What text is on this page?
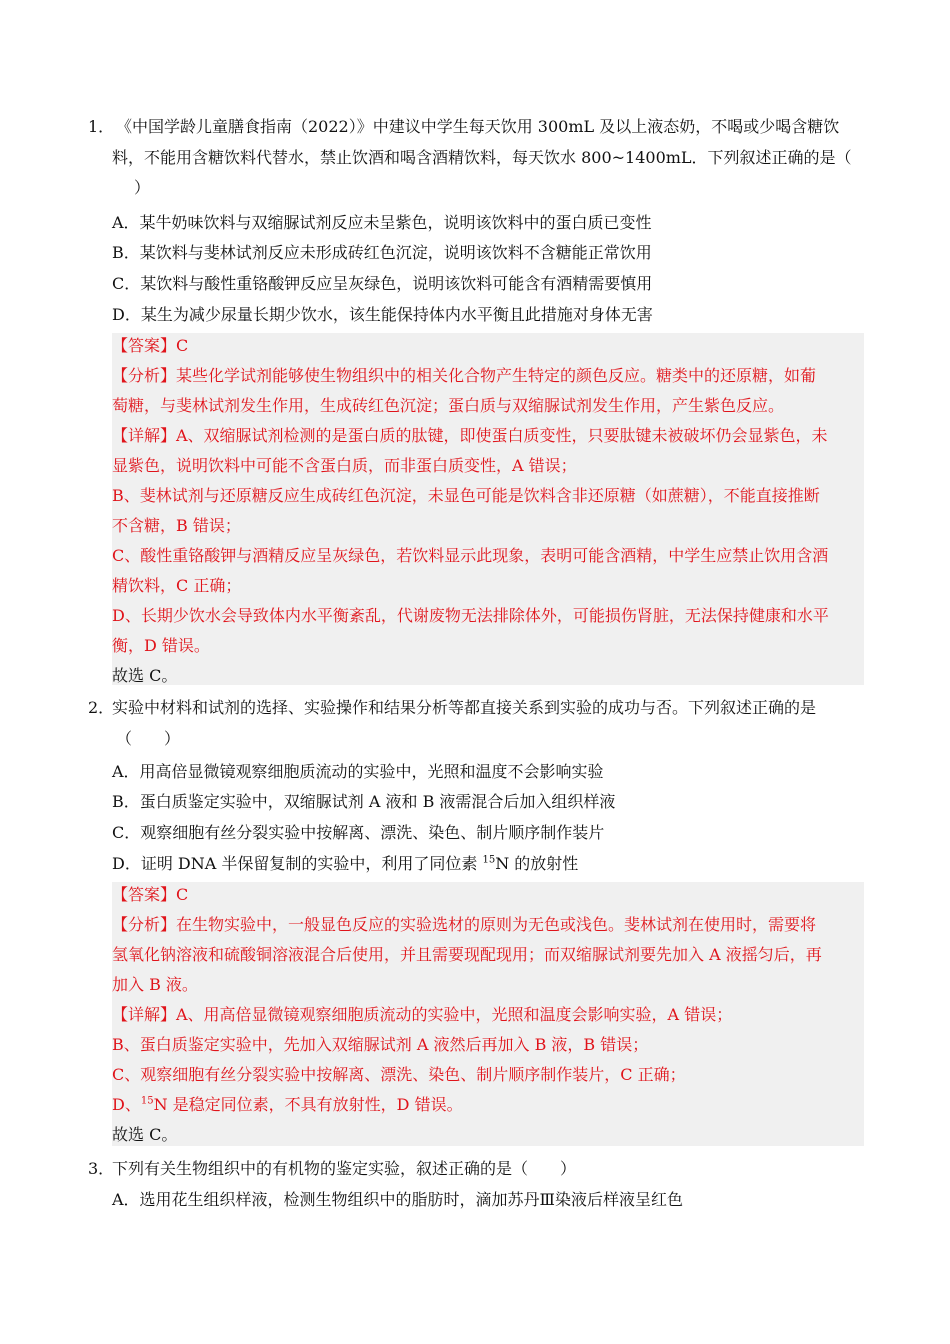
1． 《中国学龄儿童膳食指南（2022）》中建议中学生每天饮用 300mL 及以上液态奶，不喝或少喝含糖饮
料，不能用含糖饮料代替水，禁止饮酒和喝含酒精饮料，每天饮水 800~1400mL．下列叙述正确的是（
）
A．某牛奶味饮料与双缩脲试剂反应未呈紫色，说明该饮料中的蛋白质已变性
B．某饮料与斐林试剂反应未形成砖红色沉淀，说明该饮料不含糖能正常饮用
C．某饮料与酸性重铬酸钾反应呈灰绿色，说明该饮料可能含有酒精需要慎用
D．某生为减少尿量长期少饮水，该生能保持体内水平衡且此措施对身体无害
【答案】C
【分析】某些化学试剂能够使生物组织中的相关化合物产生特定的颜色反应。糖类中的还原糖，如葡
萄糖，与斐林试剂发生作用，生成砖红色沉淀；蛋白质与双缩脲试剂发生作用，产生紫色反应。
【详解】A、双缩脲试剂检测的是蛋白质的肽键，即使蛋白质变性，只要肽键未被破坏仍会显紫色，未
显紫色，说明饮料中可能不含蛋白质，而非蛋白质变性，A 错误；
B、斐林试剂与还原糖反应生成砖红色沉淀，未显色可能是饮料含非还原糖（如蔗糖），不能直接推断
不含糖，B 错误；
C、酸性重铬酸钾与酒精反应呈灰绿色，若饮料显示此现象，表明可能含酒精，中学生应禁止饮用含酒
精饮料，C 正确；
D、长期少饮水会导致体内水平衡紊乱，代谢废物无法排除体外，可能损伤肾脏，无法保持健康和水平
衡，D 错误。
故选 C。
2．
实验中材料和试剂的选择、实验操作和结果分析等都直接关系到实验的成功与否。下列叙述正确的是
（　　）
A．用高倍显微镜观察细胞质流动的实验中，光照和温度不会影响实验
B．蛋白质鉴定实验中，双缩脲试剂 A 液和 B 液需混合后加入组织样液
C．观察细胞有丝分裂实验中按解离、漂洗、染色、制片顺序制作装片
D．证明 DNA 半保留复制的实验中，利用了同位素 $^{15}$N 的放射性
【答案】C
【分析】在生物实验中，一般显色反应的实验选材的原则为无色或浅色。斐林试剂在使用时，需要将
氢氧化钠溶液和硫酸铜溶液混合后使用，并且需要现配现用；而双缩脲试剂要先加入 A 液摇匀后，再
加入 B 液。
【详解】A、用高倍显微镜观察细胞质流动的实验中，光照和温度会影响实验，A 错误；
B、蛋白质鉴定实验中，先加入双缩脲试剂 A 液然后再加入 B 液，B 错误；
C、观察细胞有丝分裂实验中按解离、漂洗、染色、制片顺序制作装片，C 正确；
D、$^{15}$N 是稳定同位素，不具有放射性，D 错误。
故选 C。
3．
下列有关生物组织中的有机物的鉴定实验，叙述正确的是（　　）
A．选用花生组织样液，检测生物组织中的脂肪时，滴加苏丹Ⅲ染液后样液呈红色
